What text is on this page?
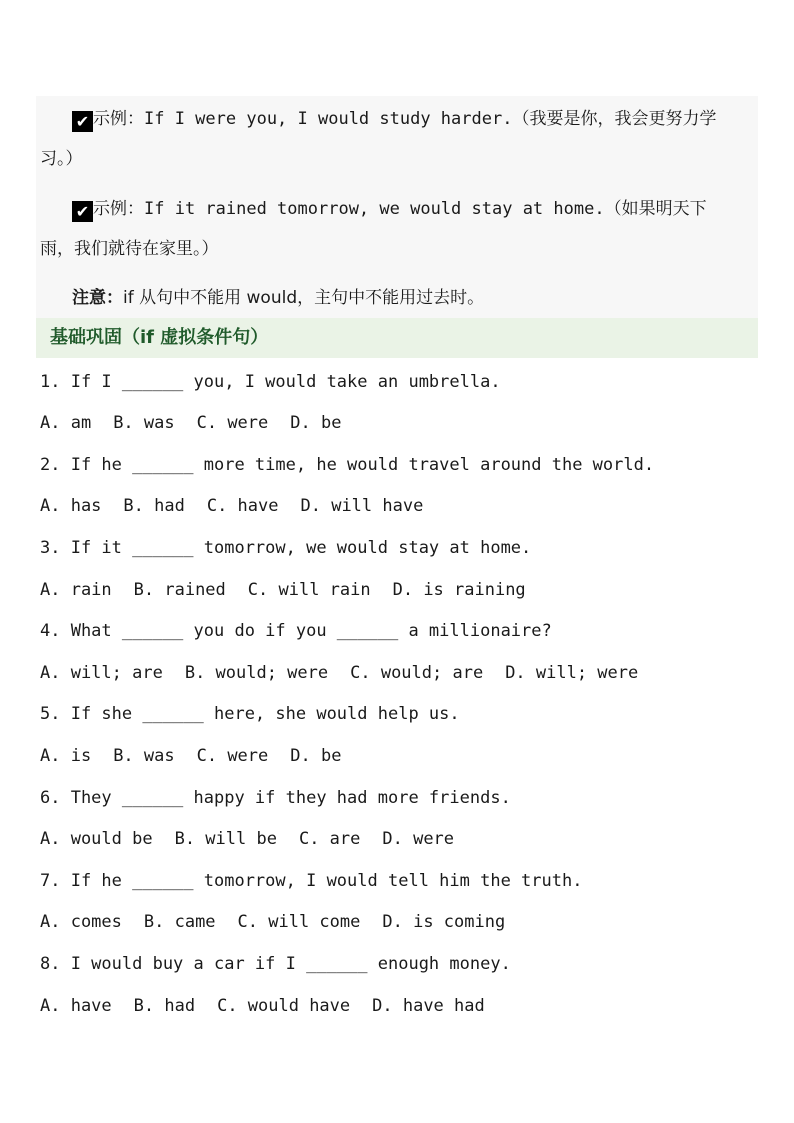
✔ 示例：If I were you, I would study harder.（我要是你，我会更努力学
习。）
✔ 示例：If it rained tomorrow, we would stay at home.（如果明天下
雨，我们就待在家里。）
注意：if 从句中不能用 would，主句中不能用过去时。
基础巩固（if 虚拟条件句）
1. If I ______ you, I would take an umbrella.
A. am B. was C. were D. be
2. If he ______ more time, he would travel around the world.
A. has B. had C. have D. will have
3. If it ______ tomorrow, we would stay at home.
A. rain B. rained C. will rain D. is raining
4. What ______ you do if you ______ a millionaire?
A. will; are B. would; were C. would; are D. will; were
5. If she ______ here, she would help us.
A. is B. was C. were D. be
6. They ______ happy if they had more friends.
A. would be B. will be C. are D. were
7. If he ______ tomorrow, I would tell him the truth.
A. comes B. came C. will come D. is coming
8. I would buy a car if I ______ enough money.
A. have B. had C. would have D. have had
